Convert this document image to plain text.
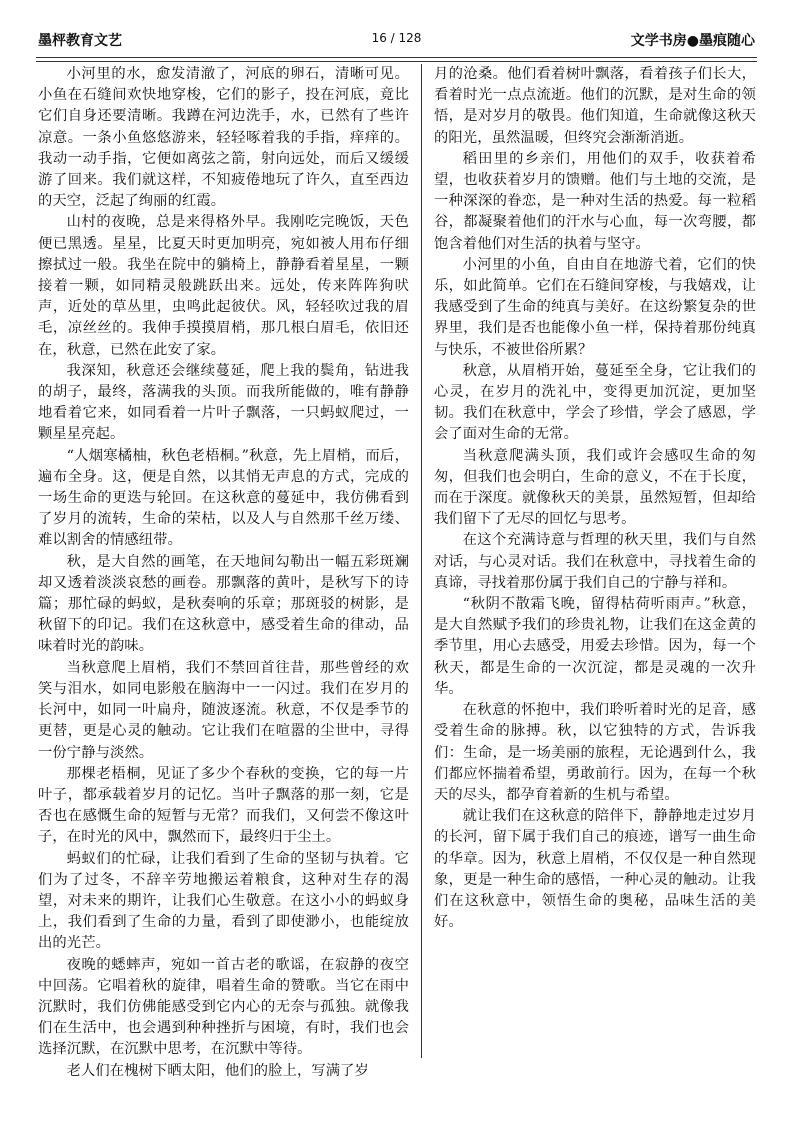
墨枰教育文艺	16 / 128	文学书房●墨痕随心

小河里的水，愈发清澈了，河底的卵石，清晰可见。小鱼在石缝间欢快地穿梭，它们的影子，投在河底，竟比它们自身还要清晰。我蹲在河边洗手，水，已然有了些许凉意。一条小鱼悠悠游来，轻轻啄着我的手指，痒痒的。我动一动手指，它便如离弦之箭，射向远处，而后又缓缓游了回来。我们就这样，不知疲倦地玩了许久，直至西边的天空，泛起了绚丽的红霞。

山村的夜晚，总是来得格外早。我刚吃完晚饭，天色便已黑透。星星，比夏天时更加明亮，宛如被人用布仔细擦拭过一般。我坐在院中的躺椅上，静静看着星星，一颗接着一颗，如同精灵般跳跃出来。远处，传来阵阵狗吠声，近处的草丛里，虫鸣此起彼伏。风，轻轻吹过我的眉毛，凉丝丝的。我伸手摸摸眉梢，那几根白眉毛，依旧还在，秋意，已然在此安了家。

我深知，秋意还会继续蔓延，爬上我的鬓角，钻进我的胡子，最终，落满我的头顶。而我所能做的，唯有静静地看着它来，如同看着一片叶子飘落，一只蚂蚁爬过，一颗星星亮起。

“人烟寒橘柚，秋色老梧桐。”秋意，先上眉梢，而后，遍布全身。这，便是自然，以其悄无声息的方式，完成的一场生命的更迭与轮回。在这秋意的蔓延中，我仿佛看到了岁月的流转，生命的荣枯，以及人与自然那千丝万缕、难以割舍的情感纽带。

秋，是大自然的画笔，在天地间勾勒出一幅五彩斑斓却又透着淡淡哀愁的画卷。那飘落的黄叶，是秋写下的诗篇；那忙碌的蚂蚁，是秋奏响的乐章；那斑驳的树影，是秋留下的印记。我们在这秋意中，感受着生命的律动，品味着时光的韵味。

当秋意爬上眉梢，我们不禁回首往昔，那些曾经的欢笑与泪水，如同电影般在脑海中一一闪过。我们在岁月的长河中，如同一叶扁舟，随波逐流。秋意，不仅是季节的更替，更是心灵的触动。它让我们在喧嚣的尘世中，寻得一份宁静与淡然。

那棵老梧桐，见证了多少个春秋的变换，它的每一片叶子，都承载着岁月的记忆。当叶子飘落的那一刻，它是否也在感慨生命的短暂与无常？而我们，又何尝不像这叶子，在时光的风中，飘然而下，最终归于尘土。

蚂蚁们的忙碌，让我们看到了生命的坚韧与执着。它们为了过冬，不辞辛劳地搬运着粮食，这种对生存的渴望，对未来的期许，让我们心生敬意。在这小小的蚂蚁身上，我们看到了生命的力量，看到了即使渺小，也能绽放出的光芒。

夜晚的蟋蟀声，宛如一首古老的歌谣，在寂静的夜空中回荡。它唱着秋的旋律，唱着生命的赞歌。当它在雨中沉默时，我们仿佛能感受到它内心的无奈与孤独。就像我们在生活中，也会遇到种种挫折与困境，有时，我们也会选择沉默，在沉默中思考，在沉默中等待。

老人们在槐树下晒太阳，他们的脸上，写满了岁

月的沧桑。他们看着树叶飘落，看着孩子们长大，看着时光一点点流逝。他们的沉默，是对生命的领悟，是对岁月的敬畏。他们知道，生命就像这秋天的阳光，虽然温暖，但终究会渐渐消逝。

稻田里的乡亲们，用他们的双手，收获着希望，也收获着岁月的馈赠。他们与土地的交流，是一种深深的眷恋，是一种对生活的热爱。每一粒稻谷，都凝聚着他们的汗水与心血，每一次弯腰，都饱含着他们对生活的执着与坚守。

小河里的小鱼，自由自在地游弋着，它们的快乐，如此简单。它们在石缝间穿梭，与我嬉戏，让我感受到了生命的纯真与美好。在这纷繁复杂的世界里，我们是否也能像小鱼一样，保持着那份纯真与快乐，不被世俗所累？

秋意，从眉梢开始，蔓延至全身，它让我们的心灵，在岁月的洗礼中，变得更加沉淀，更加坚韧。我们在秋意中，学会了珍惜，学会了感恩，学会了面对生命的无常。

当秋意爬满头顶，我们或许会感叹生命的匆匆，但我们也会明白，生命的意义，不在于长度，而在于深度。就像秋天的美景，虽然短暂，但却给我们留下了无尽的回忆与思考。

在这个充满诗意与哲理的秋天里，我们与自然对话，与心灵对话。我们在秋意中，寻找着生命的真谛，寻找着那份属于我们自己的宁静与祥和。

“秋阴不散霜飞晚，留得枯荷听雨声。”秋意，是大自然赋予我们的珍贵礼物，让我们在这金黄的季节里，用心去感受，用爱去珍惜。因为，每一个秋天，都是生命的一次沉淀，都是灵魂的一次升华。

在秋意的怀抱中，我们聆听着时光的足音，感受着生命的脉搏。秋，以它独特的方式，告诉我们：生命，是一场美丽的旅程，无论遇到什么，我们都应怀揣着希望，勇敢前行。因为，在每一个秋天的尽头，都孕育着新的生机与希望。

就让我们在这秋意的陪伴下，静静地走过岁月的长河，留下属于我们自己的痕迹，谱写一曲生命的华章。因为，秋意上眉梢，不仅仅是一种自然现象，更是一种生命的感悟，一种心灵的触动。让我们在这秋意中，领悟生命的奥秘，品味生活的美好。
